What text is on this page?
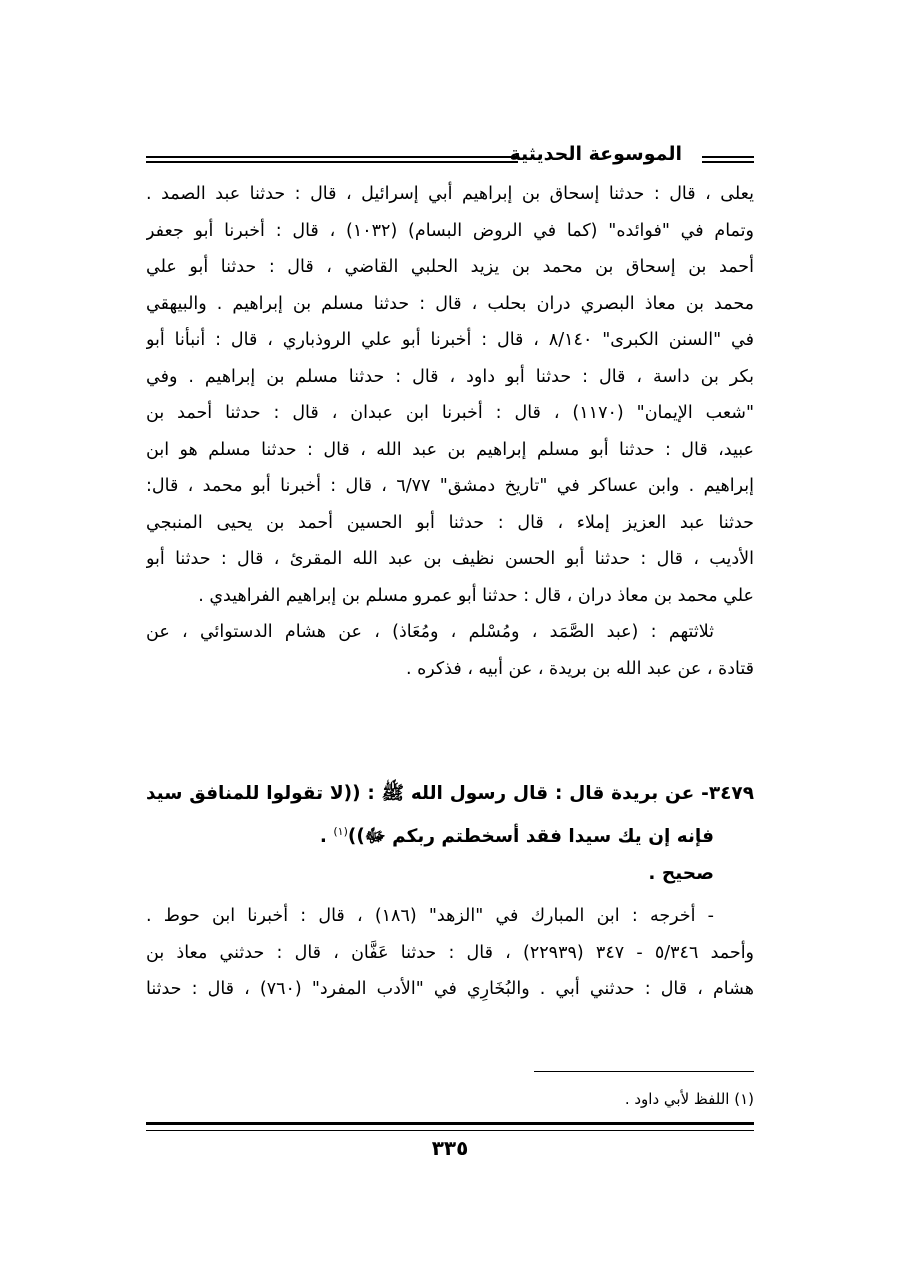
الموسوعة الحديثية
يعلى ، قال : حدثنا إسحاق بن إبراهيم أبي إسرائيل ، قال : حدثنا عبد الصمد .
وتمام في "فوائده" (كما في الروض البسام) (١٠٣٢) ، قال : أخبرنا أبو جعفر
أحمد بن إسحاق بن محمد بن يزيد الحلبي القاضي ، قال : حدثنا أبو علي
محمد بن معاذ البصري دران بحلب ، قال : حدثنا مسلم بن إبراهيم . والبيهقي
في "السنن الكبرى" ٨/١٤٠ ، قال : أخبرنا أبو علي الروذباري ، قال : أنبأنا أبو
بكر بن داسة ، قال : حدثنا أبو داود ، قال : حدثنا مسلم بن إبراهيم . وفي
"شعب الإيمان" (١١٧٠) ، قال : أخبرنا ابن عبدان ، قال : حدثنا أحمد بن
عبيد، قال : حدثنا أبو مسلم إبراهيم بن عبد الله ، قال : حدثنا مسلم هو ابن
إبراهيم . وابن عساكر في "تاريخ دمشق" ٦/٧٧ ، قال : أخبرنا أبو محمد ، قال:
حدثنا عبد العزيز إملاء ، قال : حدثنا أبو الحسين أحمد بن يحيى المنبجي
الأديب ، قال : حدثنا أبو الحسن نظيف بن عبد الله المقرئ ، قال : حدثنا أبو
علي محمد بن معاذ دران ، قال : حدثنا أبو عمرو مسلم بن إبراهيم الفراهيدي .
ثلاثتهم : (عبد الصَّمَد ، ومُسْلم ، ومُعَاذ) ، عن هشام الدستوائي ، عن
قتادة ، عن عبد الله بن بريدة ، عن أبيه ، فذكره .
٣٤٧٩- عن بريدة قال : قال رسول الله ﷺ : ((لا تقولوا للمنافق سيد
فإنه إن يك سيدا فقد أسخطتم ربكم ﷻ))$^{(١)}$ .
صحيح .
- أخرجه : ابن المبارك في "الزهد" (١٨٦) ، قال : أخبرنا ابن حوط .
وأحمد ٥/٣٤٦ - ٣٤٧ (٢٢٩٣٩) ، قال : حدثنا عَفَّان ، قال : حدثني معاذ بن
هشام ، قال : حدثني أبي . والبُخَارِي في "الأدب المفرد" (٧٦٠) ، قال : حدثنا
(١) اللفظ لأبي داود .
٣٣٥
